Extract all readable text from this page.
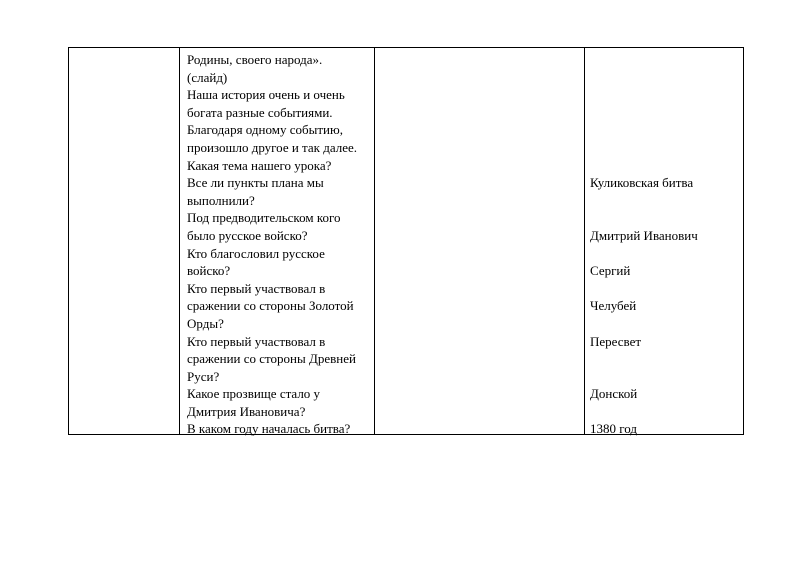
Родины, своего народа».
(слайд)
Наша история очень и очень
богата разные событиями.
Благодаря одному событию,
произошло другое и так далее.
Какая тема нашего урока?
Все ли пункты плана мы
выполнили?
Под предводительском кого
было русское войско?
Кто благословил русское
войско?
Кто первый участвовал в
сражении со стороны Золотой
Орды?
Кто первый участвовал в
сражении со стороны Древней
Руси?
Какое прозвище стало у
Дмитрия Ивановича?
В каком году началась битва?
Куликовская битва
Дмитрий Иванович
Сергий
Челубей
Пересвет
Донской
1380 год
